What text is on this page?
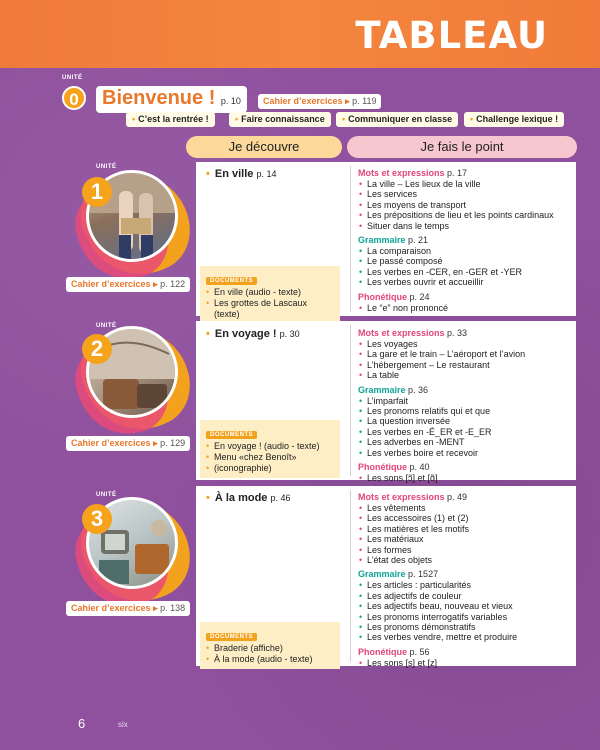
TABLEAU
UNITÉ
0	Bienvenue ! p. 10	Cahier d’exercices ▸ p. 119
• C’est la rentrée !	• Faire connaissance	• Communiquer en classe	• Challenge lexique !
Je découvre	Je fais le point
UNITÉ
1
Cahier d’exercices ▸ p. 122
• En ville p. 14
DOCUMENTS
• En ville (audio - texte)
• Les grottes de Lascaux (texte)
Mots et expressions p. 17
• La ville – Les lieux de la ville
• Les services
• Les moyens de transport
• Les prépositions de lieu et les points cardinaux
• Situer dans le temps
Grammaire p. 21
• La comparaison
• Le passé composé
• Les verbes en -CER, en -GER et -YER
• Les verbes ouvrir et accueillir
Phonétique p. 24
• Le “e” non prononcé
UNITÉ
2
Cahier d’exercices ▸ p. 129
• En voyage ! p. 30
DOCUMENTS
• En voyage ! (audio - texte)
• Menu «chez Benoît»
• (iconographie)
Mots et expressions p. 33
• Les voyages
• La gare et le train – L’aéroport et l’avion
• L’hébergement – Le restaurant
• La table
Grammaire p. 36
• L’imparfait
• Les pronoms relatifs qui et que
• La question inversée
• Les verbes en -É_ER et -E_ER
• Les adverbes en -MENT
• Les verbes boire et recevoir
Phonétique p. 40
• Les sons [ɔ̃] et [ɑ̃]
UNITÉ
3
Cahier d’exercices ▸ p. 138
• À la mode p. 46
DOCUMENTS
• Braderie (affiche)
• À la mode (audio - texte)
Mots et expressions p. 49
• Les vêtements
• Les accessoires (1) et (2)
• Les matières et les motifs
• Les matériaux
• Les formes
• L’état des objets
Grammaire p. 1527
• Les articles : particularités
• Les adjectifs de couleur
• Les adjectifs beau, nouveau et vieux
• Les pronoms interrogatifs variables
• Les pronoms démonstratifs
• Les verbes vendre, mettre et produire
Phonétique p. 56
• Les sons [s] et [z]
6	six
